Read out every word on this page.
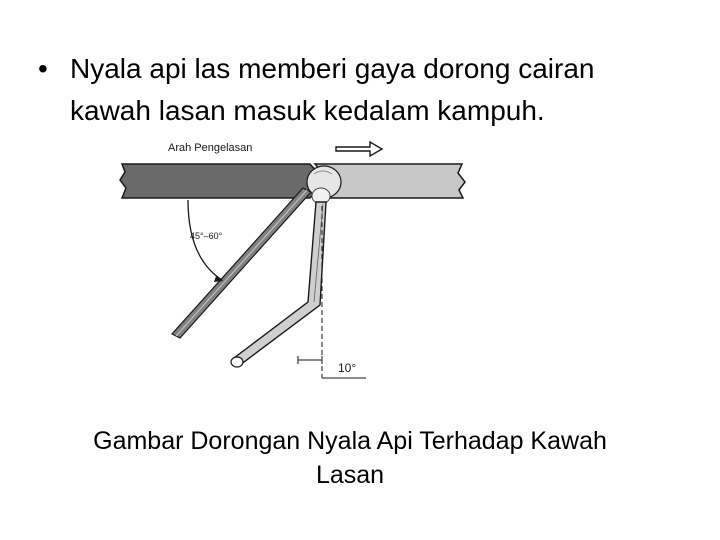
• Nyala api las memberi gaya dorong cairan
kawah lasan masuk kedalam kampuh.
Arah Pengelasan
10°
45°–60°
Gambar Dorongan Nyala Api Terhadap Kawah
Lasan
